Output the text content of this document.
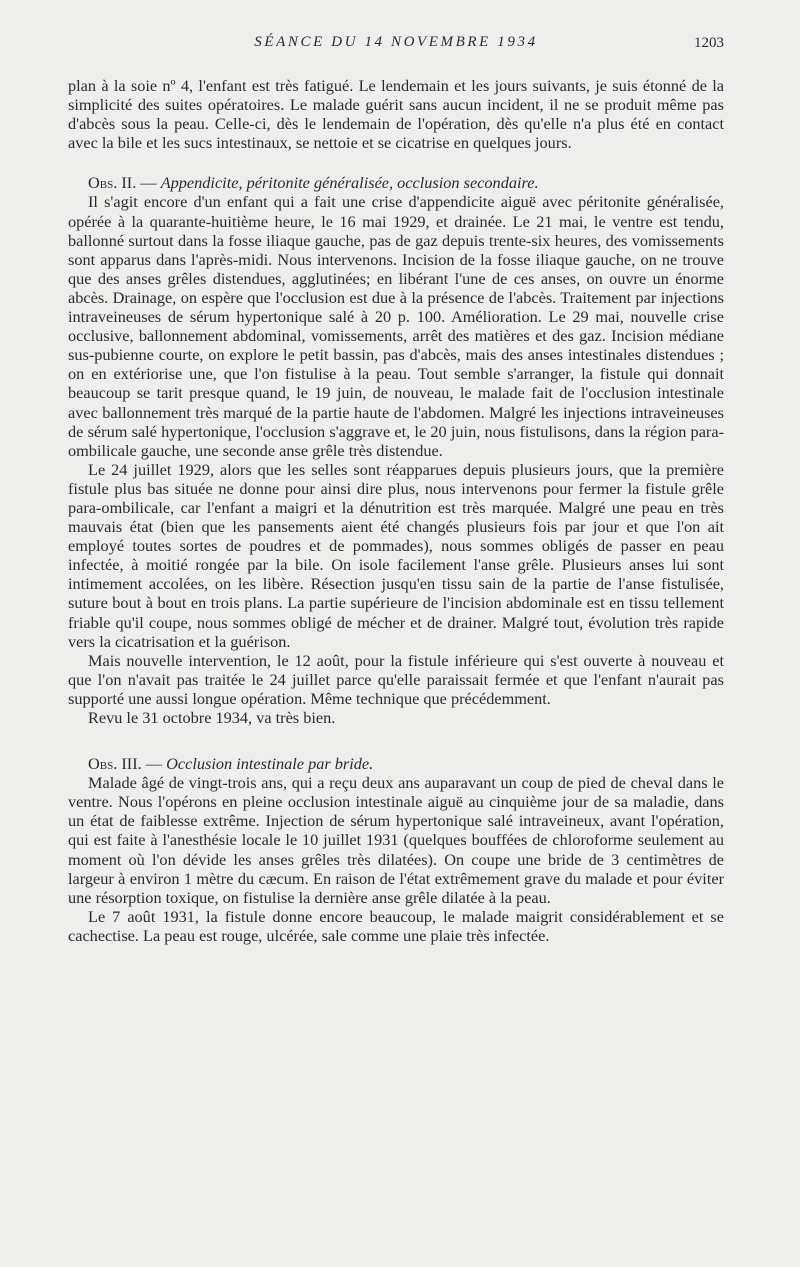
SÉANCE DU 14 NOVEMBRE 1934	1203

plan à la soie nº 4, l'enfant est très fatigué. Le lendemain et les jours suivants, je suis étonné de la simplicité des suites opératoires. Le malade guérit sans aucun incident, il ne se produit même pas d'abcès sous la peau. Celle-ci, dès le lendemain de l'opération, dès qu'elle n'a plus été en contact avec la bile et les sucs intestinaux, se nettoie et se cicatrise en quelques jours.

Obs. II. — Appendicite, péritonite généralisée, occlusion secondaire.

Il s'agit encore d'un enfant qui a fait une crise d'appendicite aiguë avec péritonite généralisée, opérée à la quarante-huitième heure, le 16 mai 1929, et drainée. Le 21 mai, le ventre est tendu, ballonné surtout dans la fosse iliaque gauche, pas de gaz depuis trente-six heures, des vomissements sont apparus dans l'après-midi. Nous intervenons. Incision de la fosse iliaque gauche, on ne trouve que des anses grêles distendues, agglutinées; en libérant l'une de ces anses, on ouvre un énorme abcès. Drainage, on espère que l'occlusion est due à la présence de l'abcès. Traitement par injections intraveineuses de sérum hypertonique salé à 20 p. 100. Amélioration. Le 29 mai, nouvelle crise occlusive, ballonnement abdominal, vomissements, arrêt des matières et des gaz. Incision médiane sus-pubienne courte, on explore le petit bassin, pas d'abcès, mais des anses intestinales distendues ; on en extériorise une, que l'on fistulise à la peau. Tout semble s'arranger, la fistule qui donnait beaucoup se tarit presque quand, le 19 juin, de nouveau, le malade fait de l'occlusion intestinale avec ballonnement très marqué de la partie haute de l'abdomen. Malgré les injections intraveineuses de sérum salé hypertonique, l'occlusion s'aggrave et, le 20 juin, nous fistulisons, dans la région para-ombilicale gauche, une seconde anse grêle très distendue.

Le 24 juillet 1929, alors que les selles sont réapparues depuis plusieurs jours, que la première fistule plus bas située ne donne pour ainsi dire plus, nous intervenons pour fermer la fistule grêle para-ombilicale, car l'enfant a maigri et la dénutrition est très marquée. Malgré une peau en très mauvais état (bien que les pansements aient été changés plusieurs fois par jour et que l'on ait employé toutes sortes de poudres et de pommades), nous sommes obligés de passer en peau infectée, à moitié rongée par la bile. On isole facilement l'anse grêle. Plusieurs anses lui sont intimement accolées, on les libère. Résection jusqu'en tissu sain de la partie de l'anse fistulisée, suture bout à bout en trois plans. La partie supérieure de l'incision abdominale est en tissu tellement friable qu'il coupe, nous sommes obligé de mécher et de drainer. Malgré tout, évolution très rapide vers la cicatrisation et la guérison.

Mais nouvelle intervention, le 12 août, pour la fistule inférieure qui s'est ouverte à nouveau et que l'on n'avait pas traitée le 24 juillet parce qu'elle paraissait fermée et que l'enfant n'aurait pas supporté une aussi longue opération. Même technique que précédemment.

Revu le 31 octobre 1934, va très bien.

Obs. III. — Occlusion intestinale par bride.

Malade âgé de vingt-trois ans, qui a reçu deux ans auparavant un coup de pied de cheval dans le ventre. Nous l'opérons en pleine occlusion intestinale aiguë au cinquième jour de sa maladie, dans un état de faiblesse extrême. Injection de sérum hypertonique salé intraveineux, avant l'opération, qui est faite à l'anesthésie locale le 10 juillet 1931 (quelques bouffées de chloroforme seulement au moment où l'on dévide les anses grêles très dilatées). On coupe une bride de 3 centimètres de largeur à environ 1 mètre du cæcum. En raison de l'état extrêmement grave du malade et pour éviter une résorption toxique, on fistulise la dernière anse grêle dilatée à la peau.

Le 7 août 1931, la fistule donne encore beaucoup, le malade maigrit considérablement et se cachectise. La peau est rouge, ulcérée, sale comme une plaie très infectée.
